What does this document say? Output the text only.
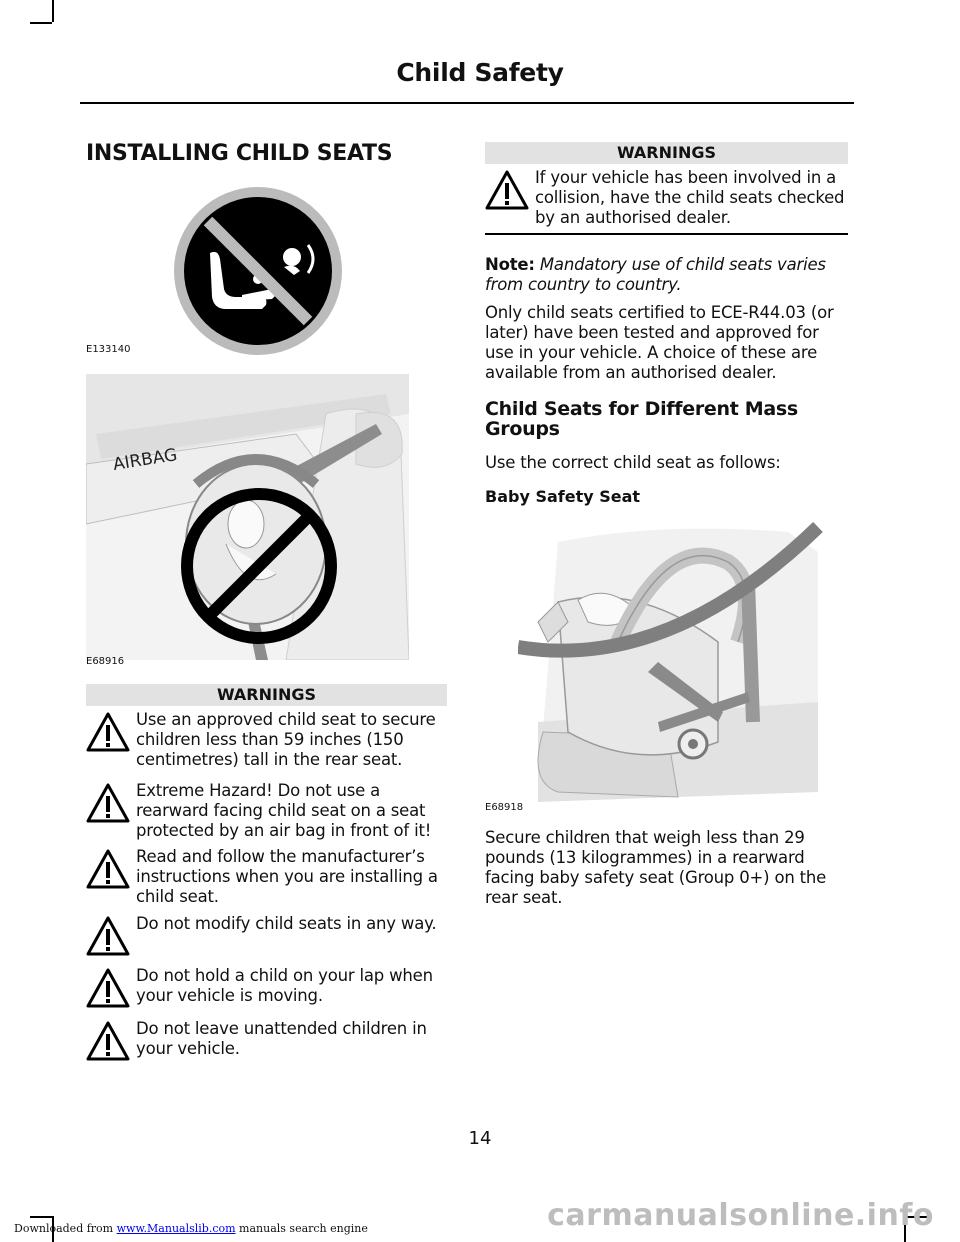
Child Safety
INSTALLING CHILD SEATS
E133140
AIRBAG
E68916
WARNINGS
Use an approved child seat to secure children less than 59 inches (150 centimetres) tall in the rear seat.
Extreme Hazard! Do not use a rearward facing child seat on a seat protected by an air bag in front of it!
Read and follow the manufacturer’s instructions when you are installing a child seat.
Do not modify child seats in any way.
Do not hold a child on your lap when your vehicle is moving.
Do not leave unattended children in your vehicle.
WARNINGS
If your vehicle has been involved in a collision, have the child seats checked by an authorised dealer.
Note: Mandatory use of child seats varies from country to country.
Only child seats certified to ECE-R44.03 (or later) have been tested and approved for use in your vehicle. A choice of these are available from an authorised dealer.
Child Seats for Different Mass Groups
Use the correct child seat as follows:
Baby Safety Seat
E68918
Secure children that weigh less than 29 pounds (13 kilogrammes) in a rearward facing baby safety seat (Group 0+) on the rear seat.
14
Downloaded from www.Manualslib.com manuals search engine	carmanualsonline.info
